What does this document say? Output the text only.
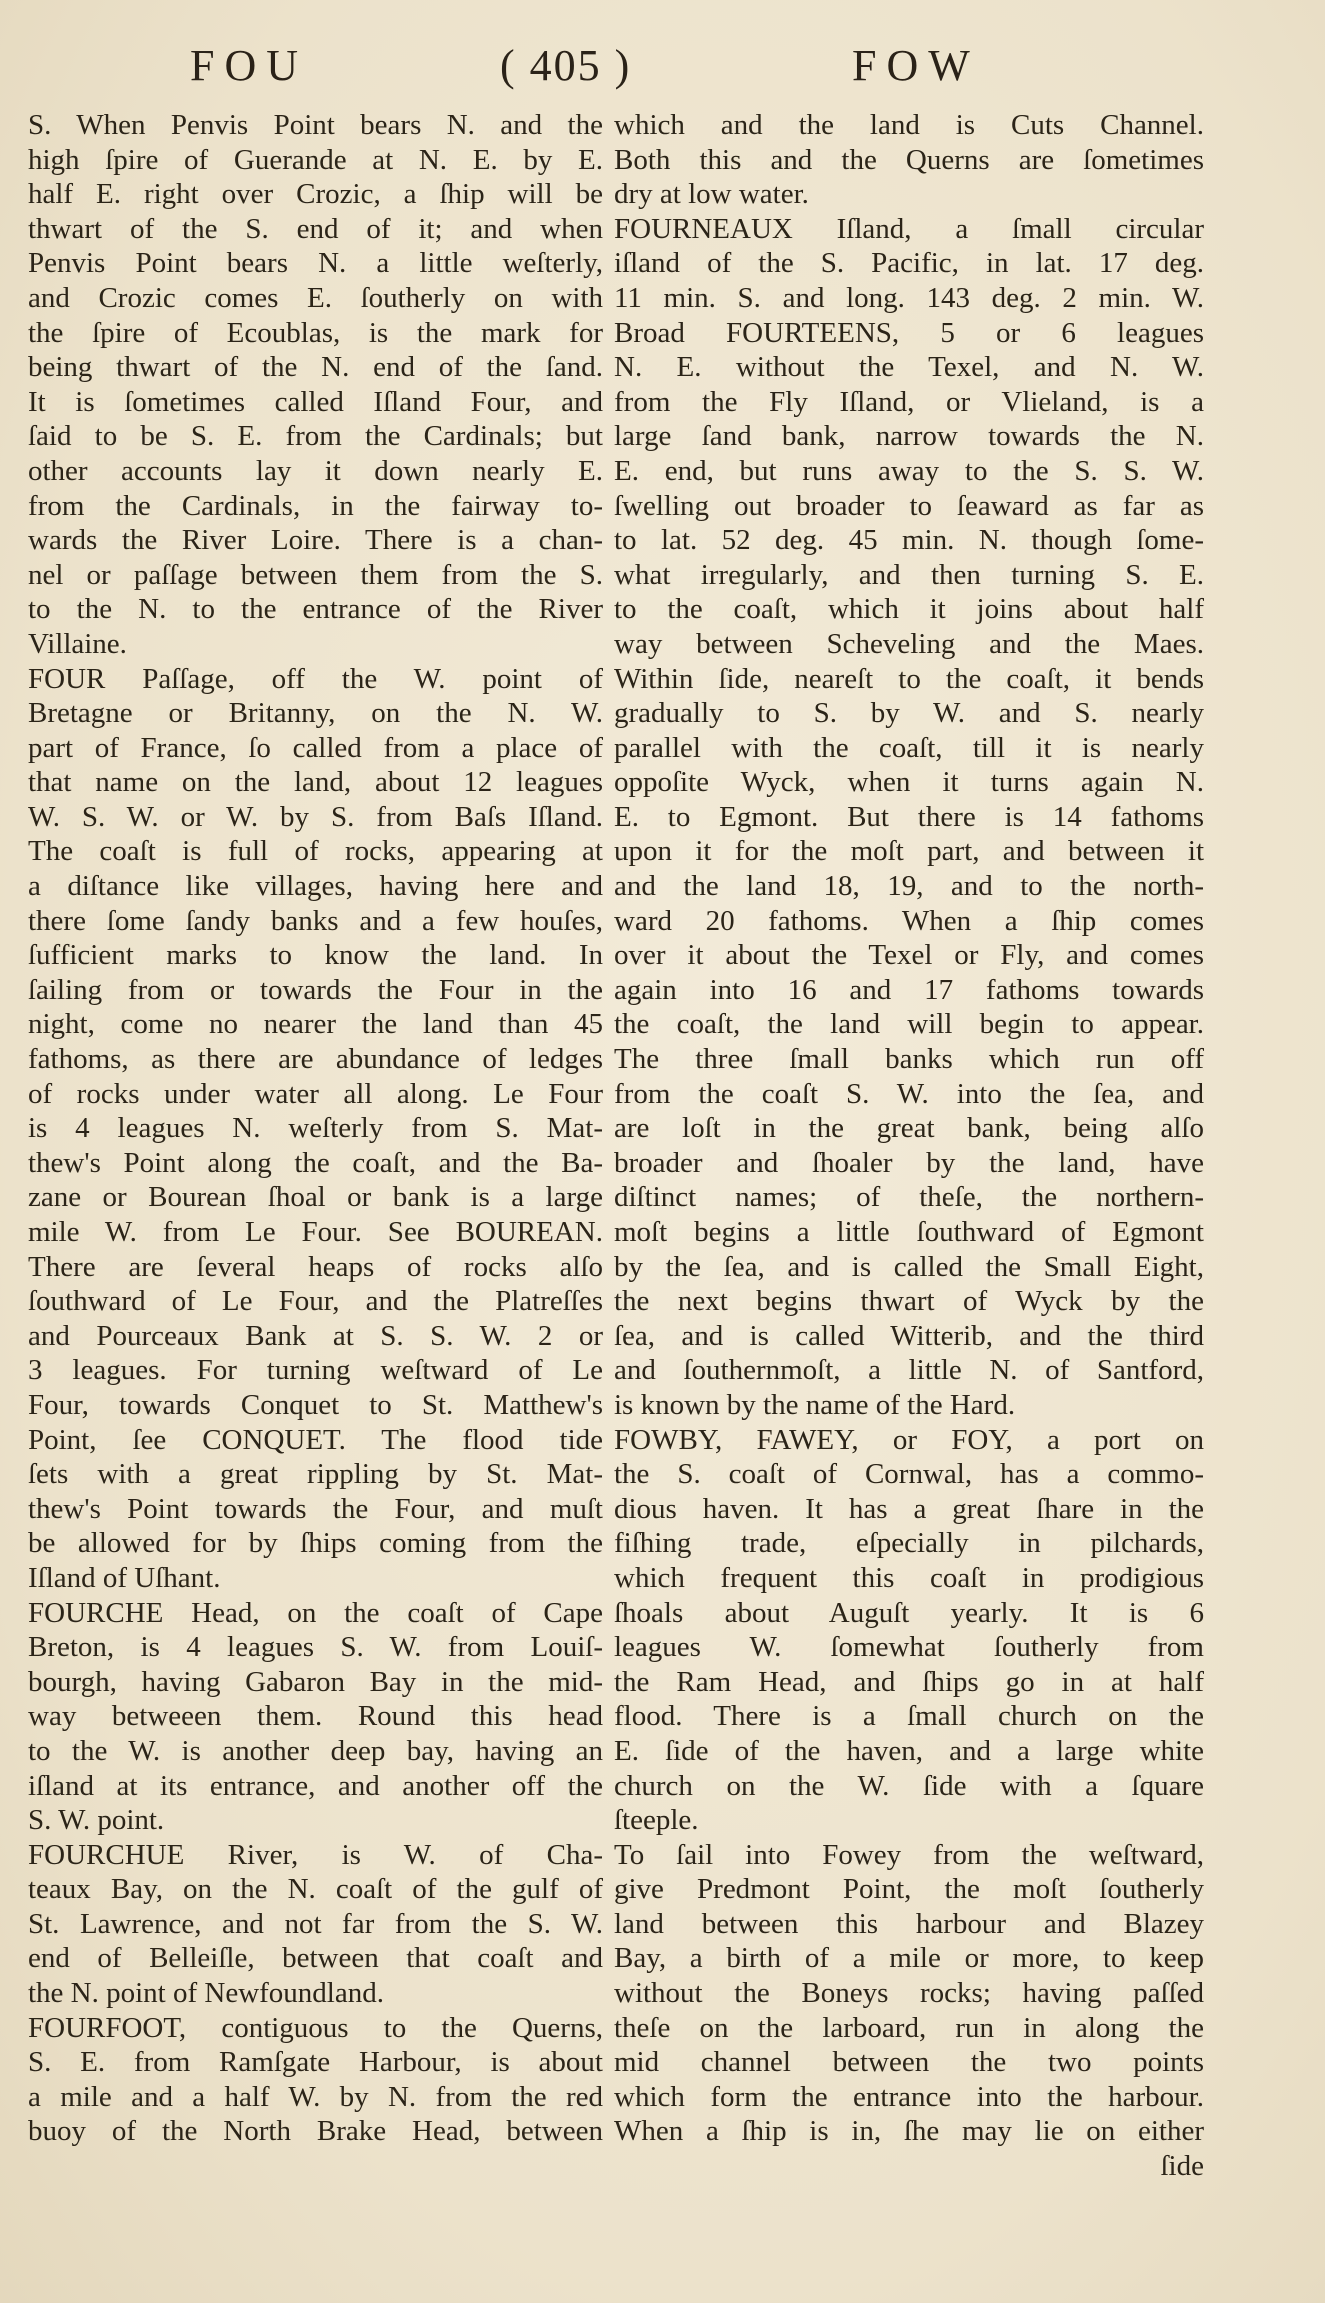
FOU	( 405 )	FOW
S. When Penvis Point bears N. and the
high ſpire of Guerande at N. E. by E.
half E. right over Crozic, a ſhip will be
thwart of the S. end of it; and when
Penvis Point bears N. a little weſterly,
and Crozic comes E. ſoutherly on with
the ſpire of Ecoublas, is the mark for
being thwart of the N. end of the ſand.
It is ſometimes called Iſland Four, and
ſaid to be S. E. from the Cardinals; but
other accounts lay it down nearly E.
from the Cardinals, in the fairway to-
wards the River Loire. There is a chan-
nel or paſſage between them from the S.
to the N. to the entrance of the River
Villaine.
FOUR Paſſage, off the W. point of
Bretagne or Britanny, on the N. W.
part of France, ſo called from a place of
that name on the land, about 12 leagues
W. S. W. or W. by S. from Baſs Iſland.
The coaſt is full of rocks, appearing at
a diſtance like villages, having here and
there ſome ſandy banks and a few houſes,
ſufficient marks to know the land. In
ſailing from or towards the Four in the
night, come no nearer the land than 45
fathoms, as there are abundance of ledges
of rocks under water all along. Le Four
is 4 leagues N. weſterly from S. Mat-
thew's Point along the coaſt, and the Ba-
zane or Bourean ſhoal or bank is a large
mile W. from Le Four. See BOUREAN.
There are ſeveral heaps of rocks alſo
ſouthward of Le Four, and the Platreſſes
and Pourceaux Bank at S. S. W. 2 or
3 leagues. For turning weſtward of Le
Four, towards Conquet to St. Matthew's
Point, ſee CONQUET. The flood tide
ſets with a great rippling by St. Mat-
thew's Point towards the Four, and muſt
be allowed for by ſhips coming from the
Iſland of Uſhant.
FOURCHE Head, on the coaſt of Cape
Breton, is 4 leagues S. W. from Louiſ-
bourgh, having Gabaron Bay in the mid-
way betweeen them. Round this head
to the W. is another deep bay, having an
iſland at its entrance, and another off the
S. W. point.
FOURCHUE River, is W. of Cha-
teaux Bay, on the N. coaſt of the gulf of
St. Lawrence, and not far from the S. W.
end of Belleiſle, between that coaſt and
the N. point of Newfoundland.
FOURFOOT, contiguous to the Querns,
S. E. from Ramſgate Harbour, is about
a mile and a half W. by N. from the red
buoy of the North Brake Head, between
which and the land is Cuts Channel.
Both this and the Querns are ſometimes
dry at low water.
FOURNEAUX Iſland, a ſmall circular
iſland of the S. Pacific, in lat. 17 deg.
11 min. S. and long. 143 deg. 2 min. W.
Broad FOURTEENS, 5 or 6 leagues
N. E. without the Texel, and N. W.
from the Fly Iſland, or Vlieland, is a
large ſand bank, narrow towards the N.
E. end, but runs away to the S. S. W.
ſwelling out broader to ſeaward as far as
to lat. 52 deg. 45 min. N. though ſome-
what irregularly, and then turning S. E.
to the coaſt, which it joins about half
way between Scheveling and the Maes.
Within ſide, neareſt to the coaſt, it bends
gradually to S. by W. and S. nearly
parallel with the coaſt, till it is nearly
oppoſite Wyck, when it turns again N.
E. to Egmont. But there is 14 fathoms
upon it for the moſt part, and between it
and the land 18, 19, and to the north-
ward 20 fathoms. When a ſhip comes
over it about the Texel or Fly, and comes
again into 16 and 17 fathoms towards
the coaſt, the land will begin to appear.
The three ſmall banks which run off
from the coaſt S. W. into the ſea, and
are loſt in the great bank, being alſo
broader and ſhoaler by the land, have
diſtinct names; of theſe, the northern-
moſt begins a little ſouthward of Egmont
by the ſea, and is called the Small Eight,
the next begins thwart of Wyck by the
ſea, and is called Witterib, and the third
and ſouthernmoſt, a little N. of Santford,
is known by the name of the Hard.
FOWBY, FAWEY, or FOY, a port on
the S. coaſt of Cornwal, has a commo-
dious haven. It has a great ſhare in the
fiſhing trade, eſpecially in pilchards,
which frequent this coaſt in prodigious
ſhoals about Auguſt yearly. It is 6
leagues W. ſomewhat ſoutherly from
the Ram Head, and ſhips go in at half
flood. There is a ſmall church on the
E. ſide of the haven, and a large white
church on the W. ſide with a ſquare
ſteeple.
To ſail into Fowey from the weſtward,
give Predmont Point, the moſt ſoutherly
land between this harbour and Blazey
Bay, a birth of a mile or more, to keep
without the Boneys rocks; having paſſed
theſe on the larboard, run in along the
mid channel between the two points
which form the entrance into the harbour.
When a ſhip is in, ſhe may lie on either
ſide
